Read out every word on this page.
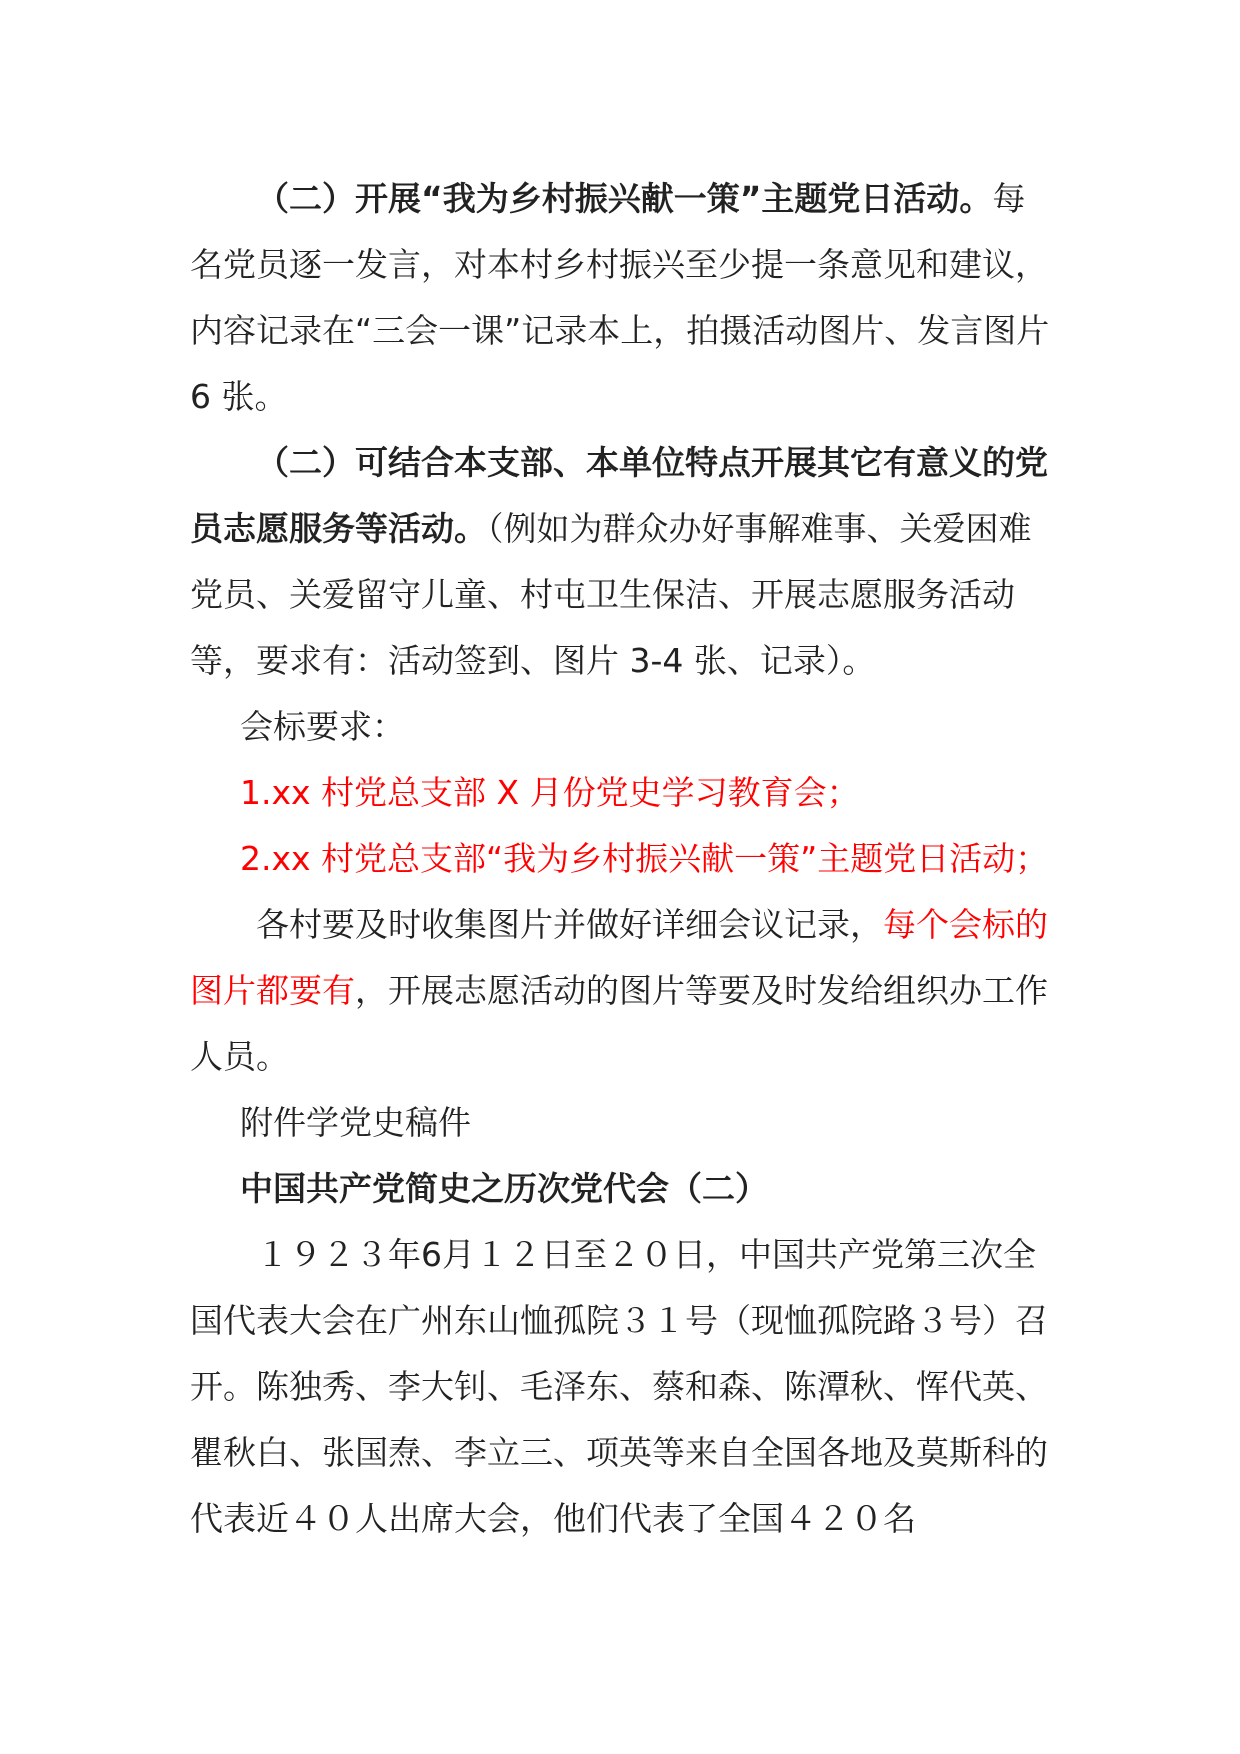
（二）开展“我为乡村振兴献一策”主题党日活动。每名党员逐一发言，对本村乡村振兴至少提一条意见和建议，内容记录在“三会一课”记录本上，拍摄活动图片、发言图片 6 张。

（二）可结合本支部、本单位特点开展其它有意义的党员志愿服务等活动。（例如为群众办好事解难事、关爱困难党员、关爱留守儿童、村屯卫生保洁、开展志愿服务活动等，要求有：活动签到、图片 3-4 张、记录）。

会标要求：

1.xx 村党总支部 X 月份党史学习教育会；

2.xx 村党总支部“我为乡村振兴献一策”主题党日活动；

各村要及时收集图片并做好详细会议记录，每个会标的图片都要有，开展志愿活动的图片等要及时发给组织办工作人员。

附件学党史稿件

中国共产党简史之历次党代会（二）

１９２３年6月１２日至２０日，中国共产党第三次全国代表大会在广州东山恤孤院３１号（现恤孤院路３号）召开。陈独秀、李大钊、毛泽东、蔡和森、陈潭秋、恽代英、瞿秋白、张国焘、李立三、项英等来自全国各地及莫斯科的代表近４０人出席大会，他们代表了全国４２０名
